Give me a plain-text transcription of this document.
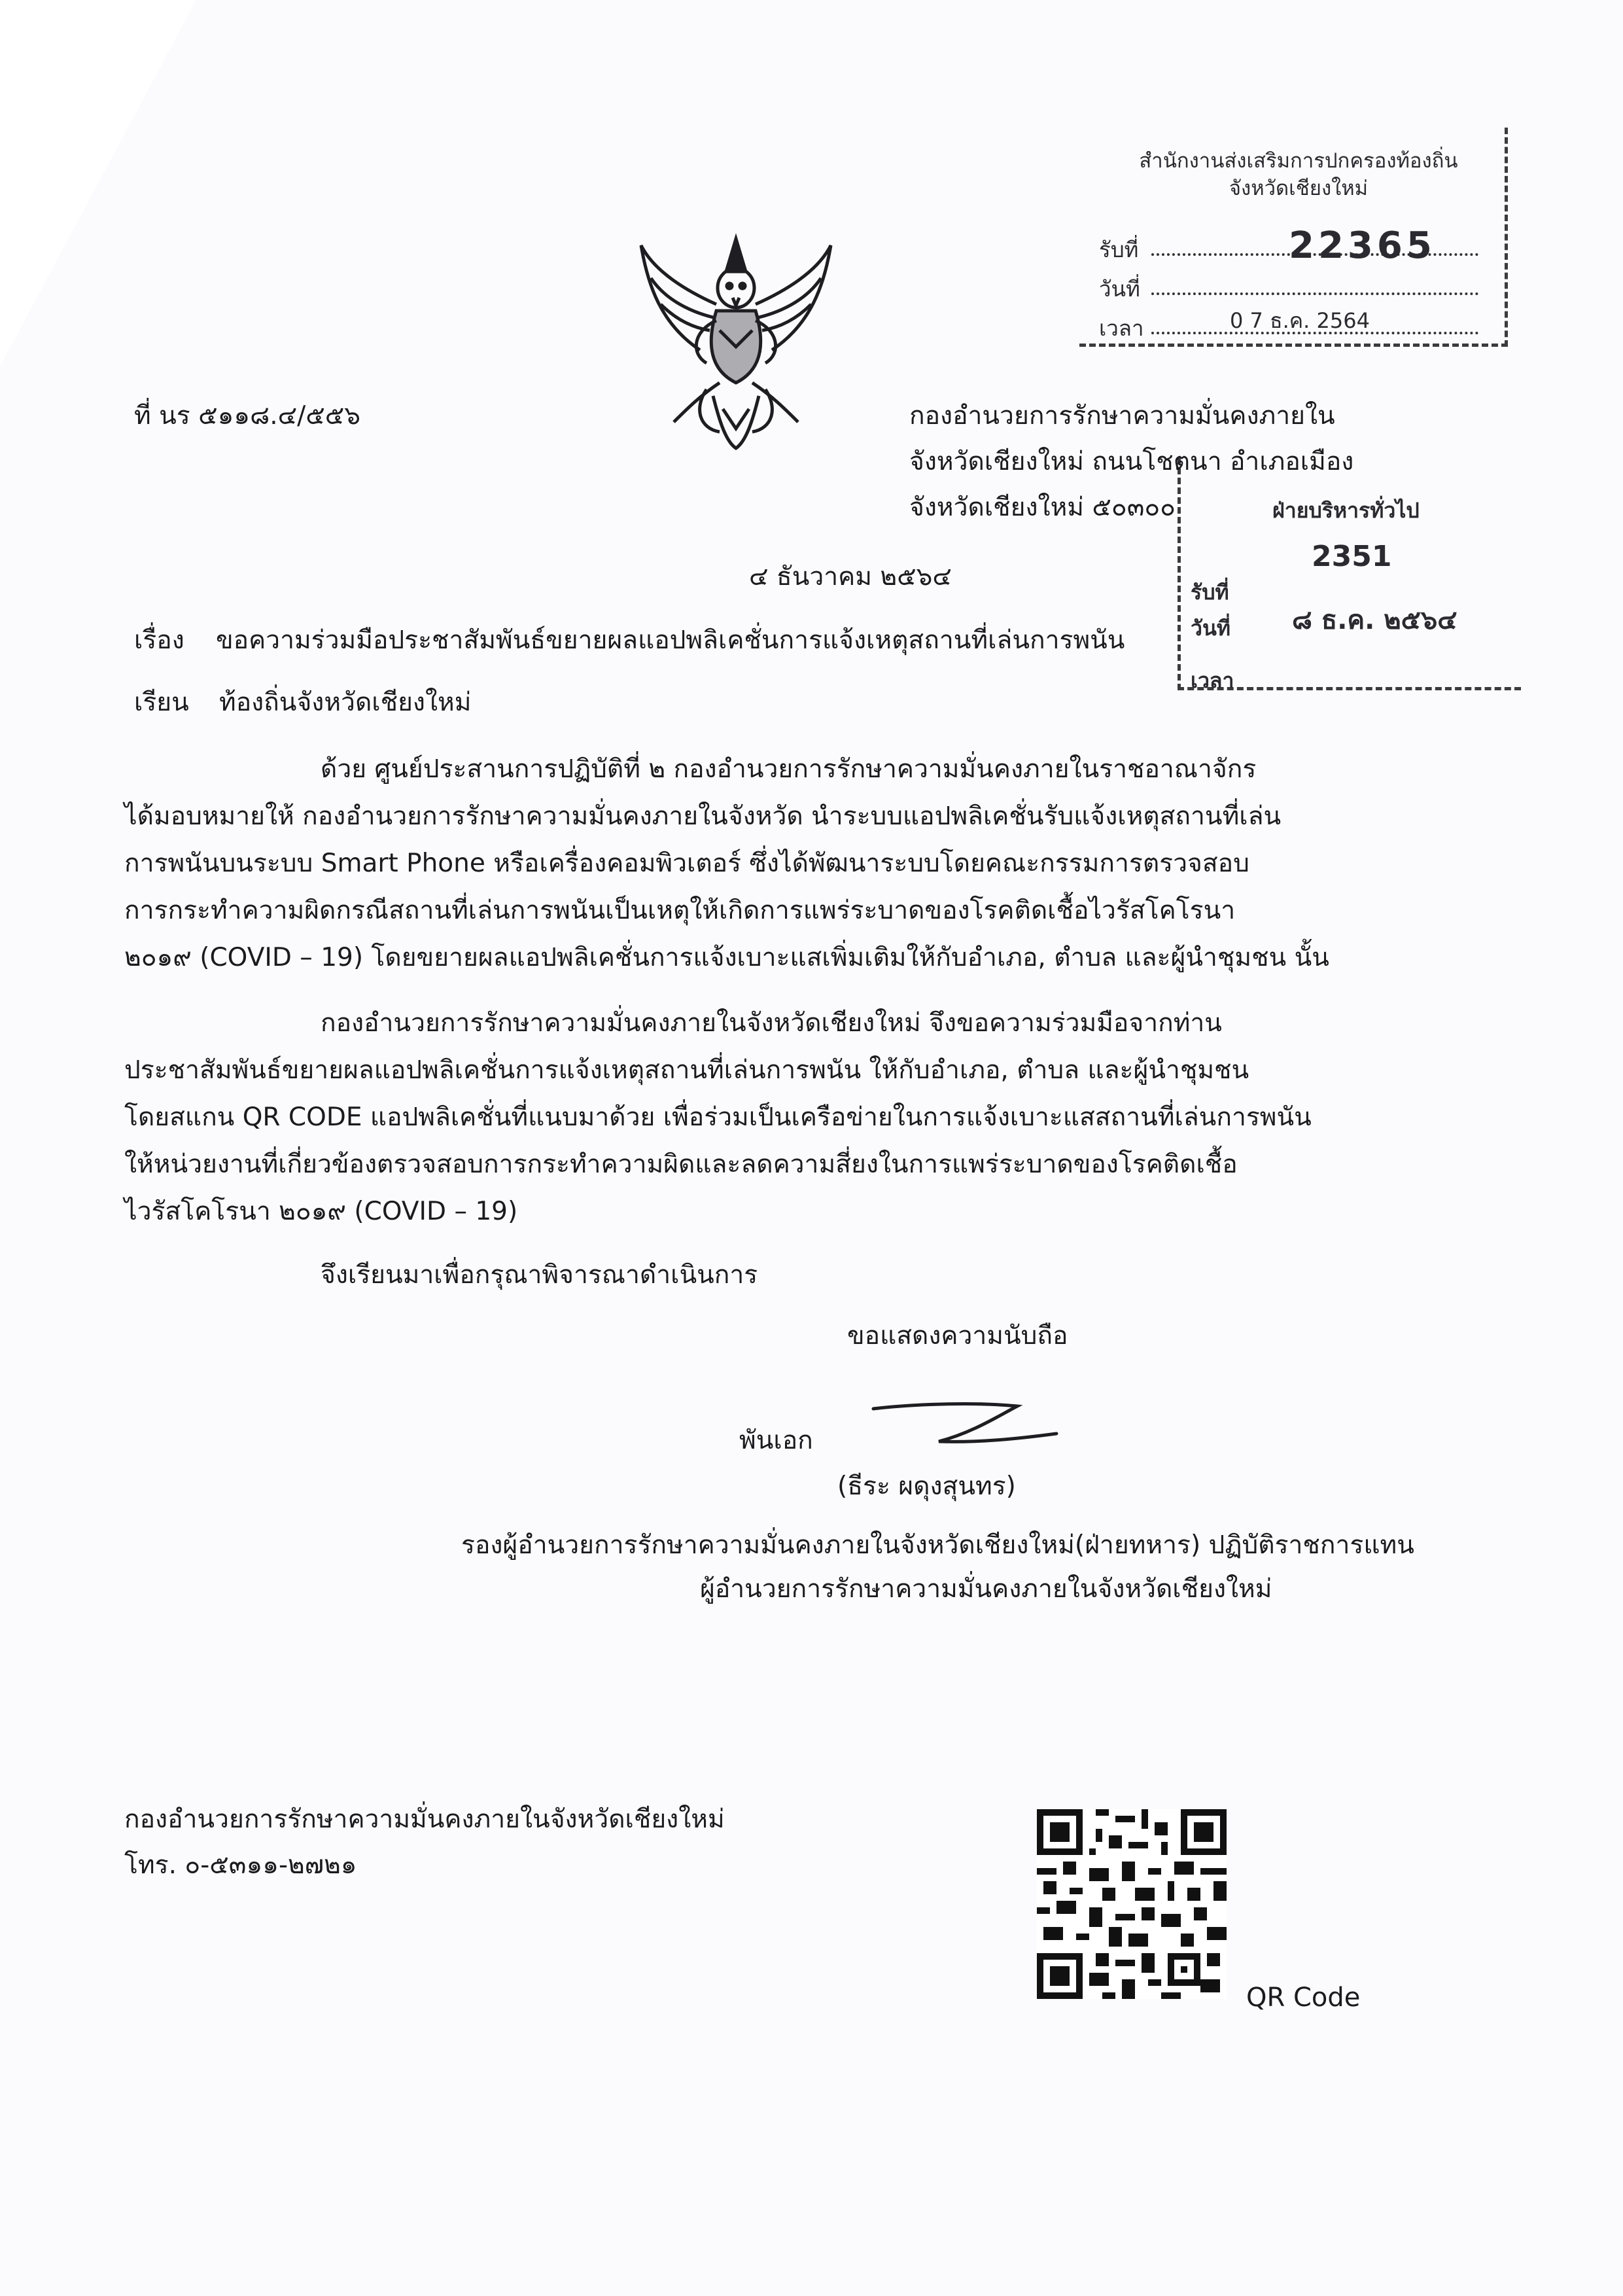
สำนักงานส่งเสริมการปกครองท้องถิ่น
จังหวัดเชียงใหม่
รับที่
วันที่
เวลา
22365
0 7 ธ.ค. 2564
ฝ่ายบริหารทั่วไป
รับที่
2351
วันที่ ๘ ธ.ค. ๒๕๖๔
เวลา
ที่ นร ๕๑๑๘.๔/๕๕๖	กองอำนวยการรักษาความมั่นคงภายใน
จังหวัดเชียงใหม่ ถนนโชตนา อำเภอเมือง
จังหวัดเชียงใหม่ ๕๐๓๐๐
๔ ธันวาคม ๒๕๖๔
เรื่อง ขอความร่วมมือประชาสัมพันธ์ขยายผลแอปพลิเคชั่นการแจ้งเหตุสถานที่เล่นการพนัน
เรียน ท้องถิ่นจังหวัดเชียงใหม่
ด้วย ศูนย์ประสานการปฏิบัติที่ ๒ กองอำนวยการรักษาความมั่นคงภายในราชอาณาจักร
ได้มอบหมายให้ กองอำนวยการรักษาความมั่นคงภายในจังหวัด นำระบบแอปพลิเคชั่นรับแจ้งเหตุสถานที่เล่น
การพนันบนระบบ Smart Phone หรือเครื่องคอมพิวเตอร์ ซึ่งได้พัฒนาระบบโดยคณะกรรมการตรวจสอบ
การกระทำความผิดกรณีสถานที่เล่นการพนันเป็นเหตุให้เกิดการแพร่ระบาดของโรคติดเชื้อไวรัสโคโรนา
๒๐๑๙ (COVID – 19) โดยขยายผลแอปพลิเคชั่นการแจ้งเบาะแสเพิ่มเติมให้กับอำเภอ, ตำบล และผู้นำชุมชน นั้น
กองอำนวยการรักษาความมั่นคงภายในจังหวัดเชียงใหม่ จึงขอความร่วมมือจากท่าน
ประชาสัมพันธ์ขยายผลแอปพลิเคชั่นการแจ้งเหตุสถานที่เล่นการพนัน ให้กับอำเภอ, ตำบล และผู้นำชุมชน
โดยสแกน QR CODE แอปพลิเคชั่นที่แนบมาด้วย เพื่อร่วมเป็นเครือข่ายในการแจ้งเบาะแสสถานที่เล่นการพนัน
ให้หน่วยงานที่เกี่ยวข้องตรวจสอบการกระทำความผิดและลดความสี่ยงในการแพร่ระบาดของโรคติดเชื้อ
ไวรัสโคโรนา ๒๐๑๙ (COVID – 19)
จึงเรียนมาเพื่อกรุณาพิจารณาดำเนินการ
ขอแสดงความนับถือ
พันเอก
(ธีระ ผดุงสุนทร)
รองผู้อำนวยการรักษาความมั่นคงภายในจังหวัดเชียงใหม่(ฝ่ายทหาร) ปฏิบัติราชการแทน
ผู้อำนวยการรักษาความมั่นคงภายในจังหวัดเชียงใหม่
กองอำนวยการรักษาความมั่นคงภายในจังหวัดเชียงใหม่
โทร. ๐-๕๓๑๑-๒๗๒๑
QR Code
